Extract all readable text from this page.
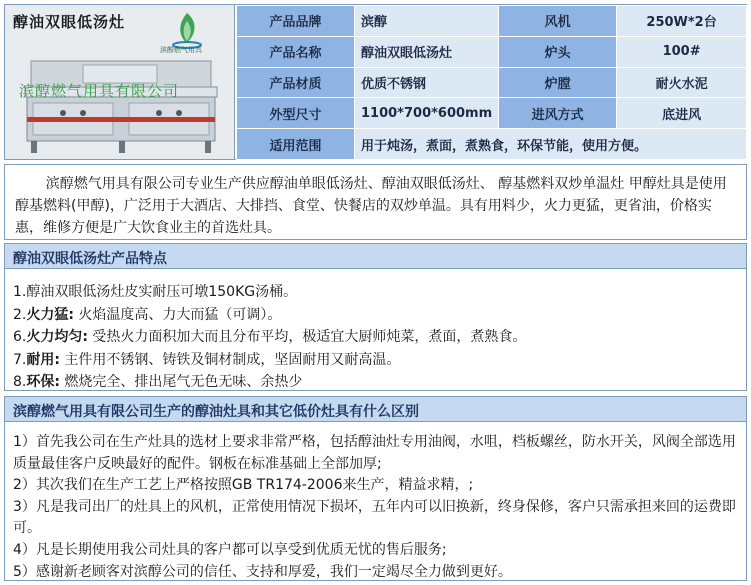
醇油双眼低汤灶
滨醇燃气用具
滨醇燃气用具有限公司
产品品牌	滨醇	风机	250W*2台
产品名称	醇油双眼低汤灶	炉头	100#
产品材质	优质不锈钢	炉膛	耐火水泥
外型尺寸	1100*700*600mm	进风方式	底进风
适用范围	用于炖汤，煮面，煮熟食，环保节能，使用方便。		
滨醇燃气用具有限公司专业生产供应醇油单眼低汤灶、醇油双眼低汤灶、 醇基燃料双炒单温灶 甲醇灶具是使用醇基燃料(甲醇)，广泛用于大酒店、大排挡、食堂、快餐店的双炒单温。具有用料少，火力更猛，更省油，价格实惠，维修方便是广大饮食业主的首选灶具。
醇油双眼低汤灶产品特点
1.醇油双眼低汤灶皮实耐压可墩150KG汤桶。
2.火力猛: 火焰温度高、力大而猛（可调）。
6.火力均匀: 受热火力面积加大而且分布平均，极适宜大厨师炖菜，煮面，煮熟食。
7.耐用: 主件用不锈钢、铸铁及铜材制成，坚固耐用又耐高温。
8.环保: 燃烧完全、排出尾气无色无味、余热少
滨醇燃气用具有限公司生产的醇油灶具和其它低价灶具有什么区别
1）首先我公司在生产灶具的选材上要求非常严格，包括醇油灶专用油阀，水咀，档板螺丝，防水开关，风阀全部选用质量最佳客户反映最好的配件。钢板在标准基础上全部加厚;
2）其次我们在生产工艺上严格按照GB TR174-2006来生产，精益求精，;
3）凡是我司出厂的灶具上的风机，正常使用情况下损坏，五年内可以旧换新，终身保修，客户只需承担来回的运费即可。
4）凡是长期使用我公司灶具的客户都可以享受到优质无忧的售后服务;
5）感谢新老顾客对滨醇公司的信任、支持和厚爱，我们一定竭尽全力做到更好。
